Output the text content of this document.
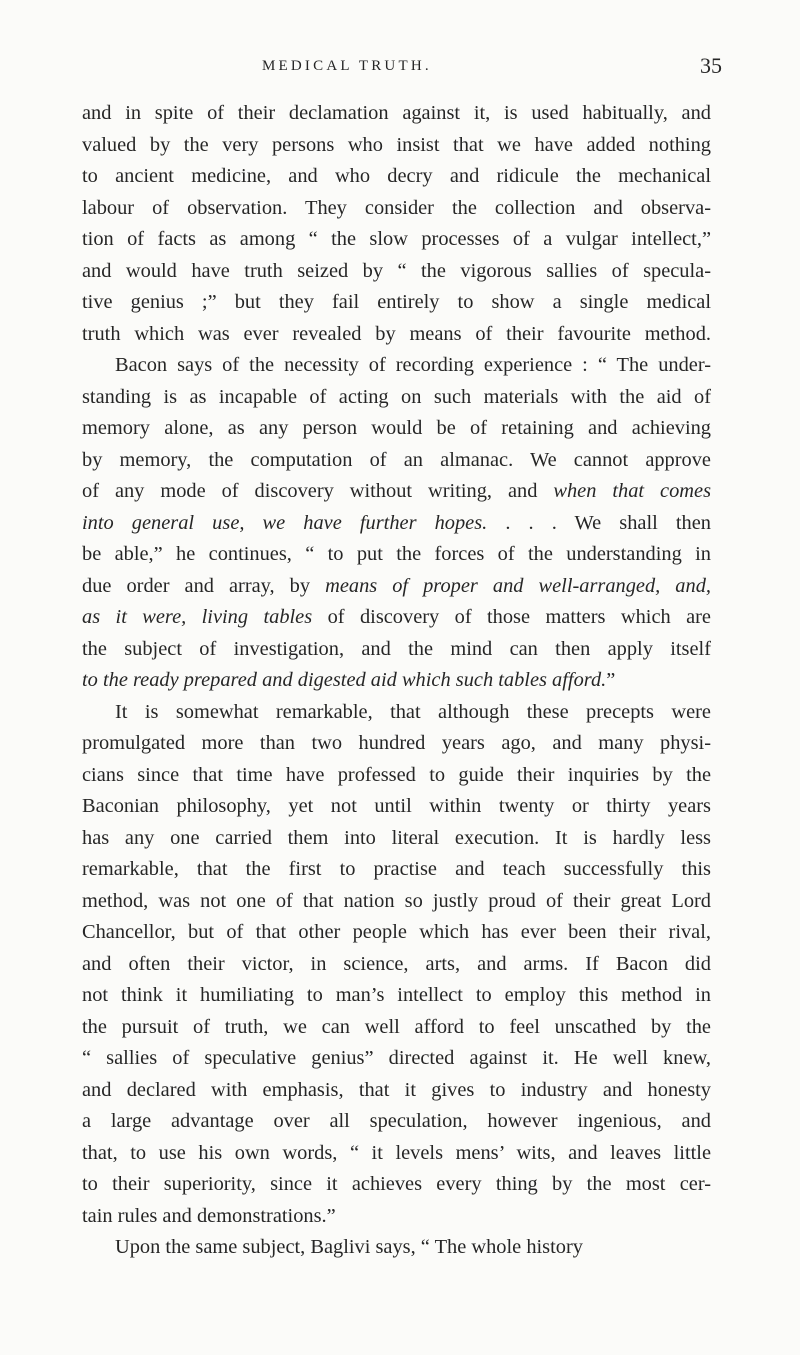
MEDICAL TRUTH.	35
and in spite of their declamation against it, is used habitually, and
valued by the very persons who insist that we have added nothing
to ancient medicine, and who decry and ridicule the mechanical
labour of observation. They consider the collection and observa-
tion of facts as among “ the slow processes of a vulgar intellect,”
and would have truth seized by “ the vigorous sallies of specula-
tive genius ;” but they fail entirely to show a single medical
truth which was ever revealed by means of their favourite method.
Bacon says of the necessity of recording experience : “ The under-
standing is as incapable of acting on such materials with the aid of
memory alone, as any person would be of retaining and achieving
by memory, the computation of an almanac. We cannot approve
of any mode of discovery without writing, and when that comes
into general use, we have further hopes. . . . We shall then
be able,” he continues, “ to put the forces of the understanding in
due order and array, by means of proper and well-arranged, and,
as it were, living tables of discovery of those matters which are
the subject of investigation, and the mind can then apply itself
to the ready prepared and digested aid which such tables afford.”
It is somewhat remarkable, that although these precepts were
promulgated more than two hundred years ago, and many physi-
cians since that time have professed to guide their inquiries by the
Baconian philosophy, yet not until within twenty or thirty years
has any one carried them into literal execution. It is hardly less
remarkable, that the first to practise and teach successfully this
method, was not one of that nation so justly proud of their great Lord
Chancellor, but of that other people which has ever been their rival,
and often their victor, in science, arts, and arms. If Bacon did
not think it humiliating to man’s intellect to employ this method in
the pursuit of truth, we can well afford to feel unscathed by the
“ sallies of speculative genius” directed against it. He well knew,
and declared with emphasis, that it gives to industry and honesty
a large advantage over all speculation, however ingenious, and
that, to use his own words, “ it levels mens’ wits, and leaves little
to their superiority, since it achieves every thing by the most cer-
tain rules and demonstrations.”
Upon the same subject, Baglivi says, “ The whole history
